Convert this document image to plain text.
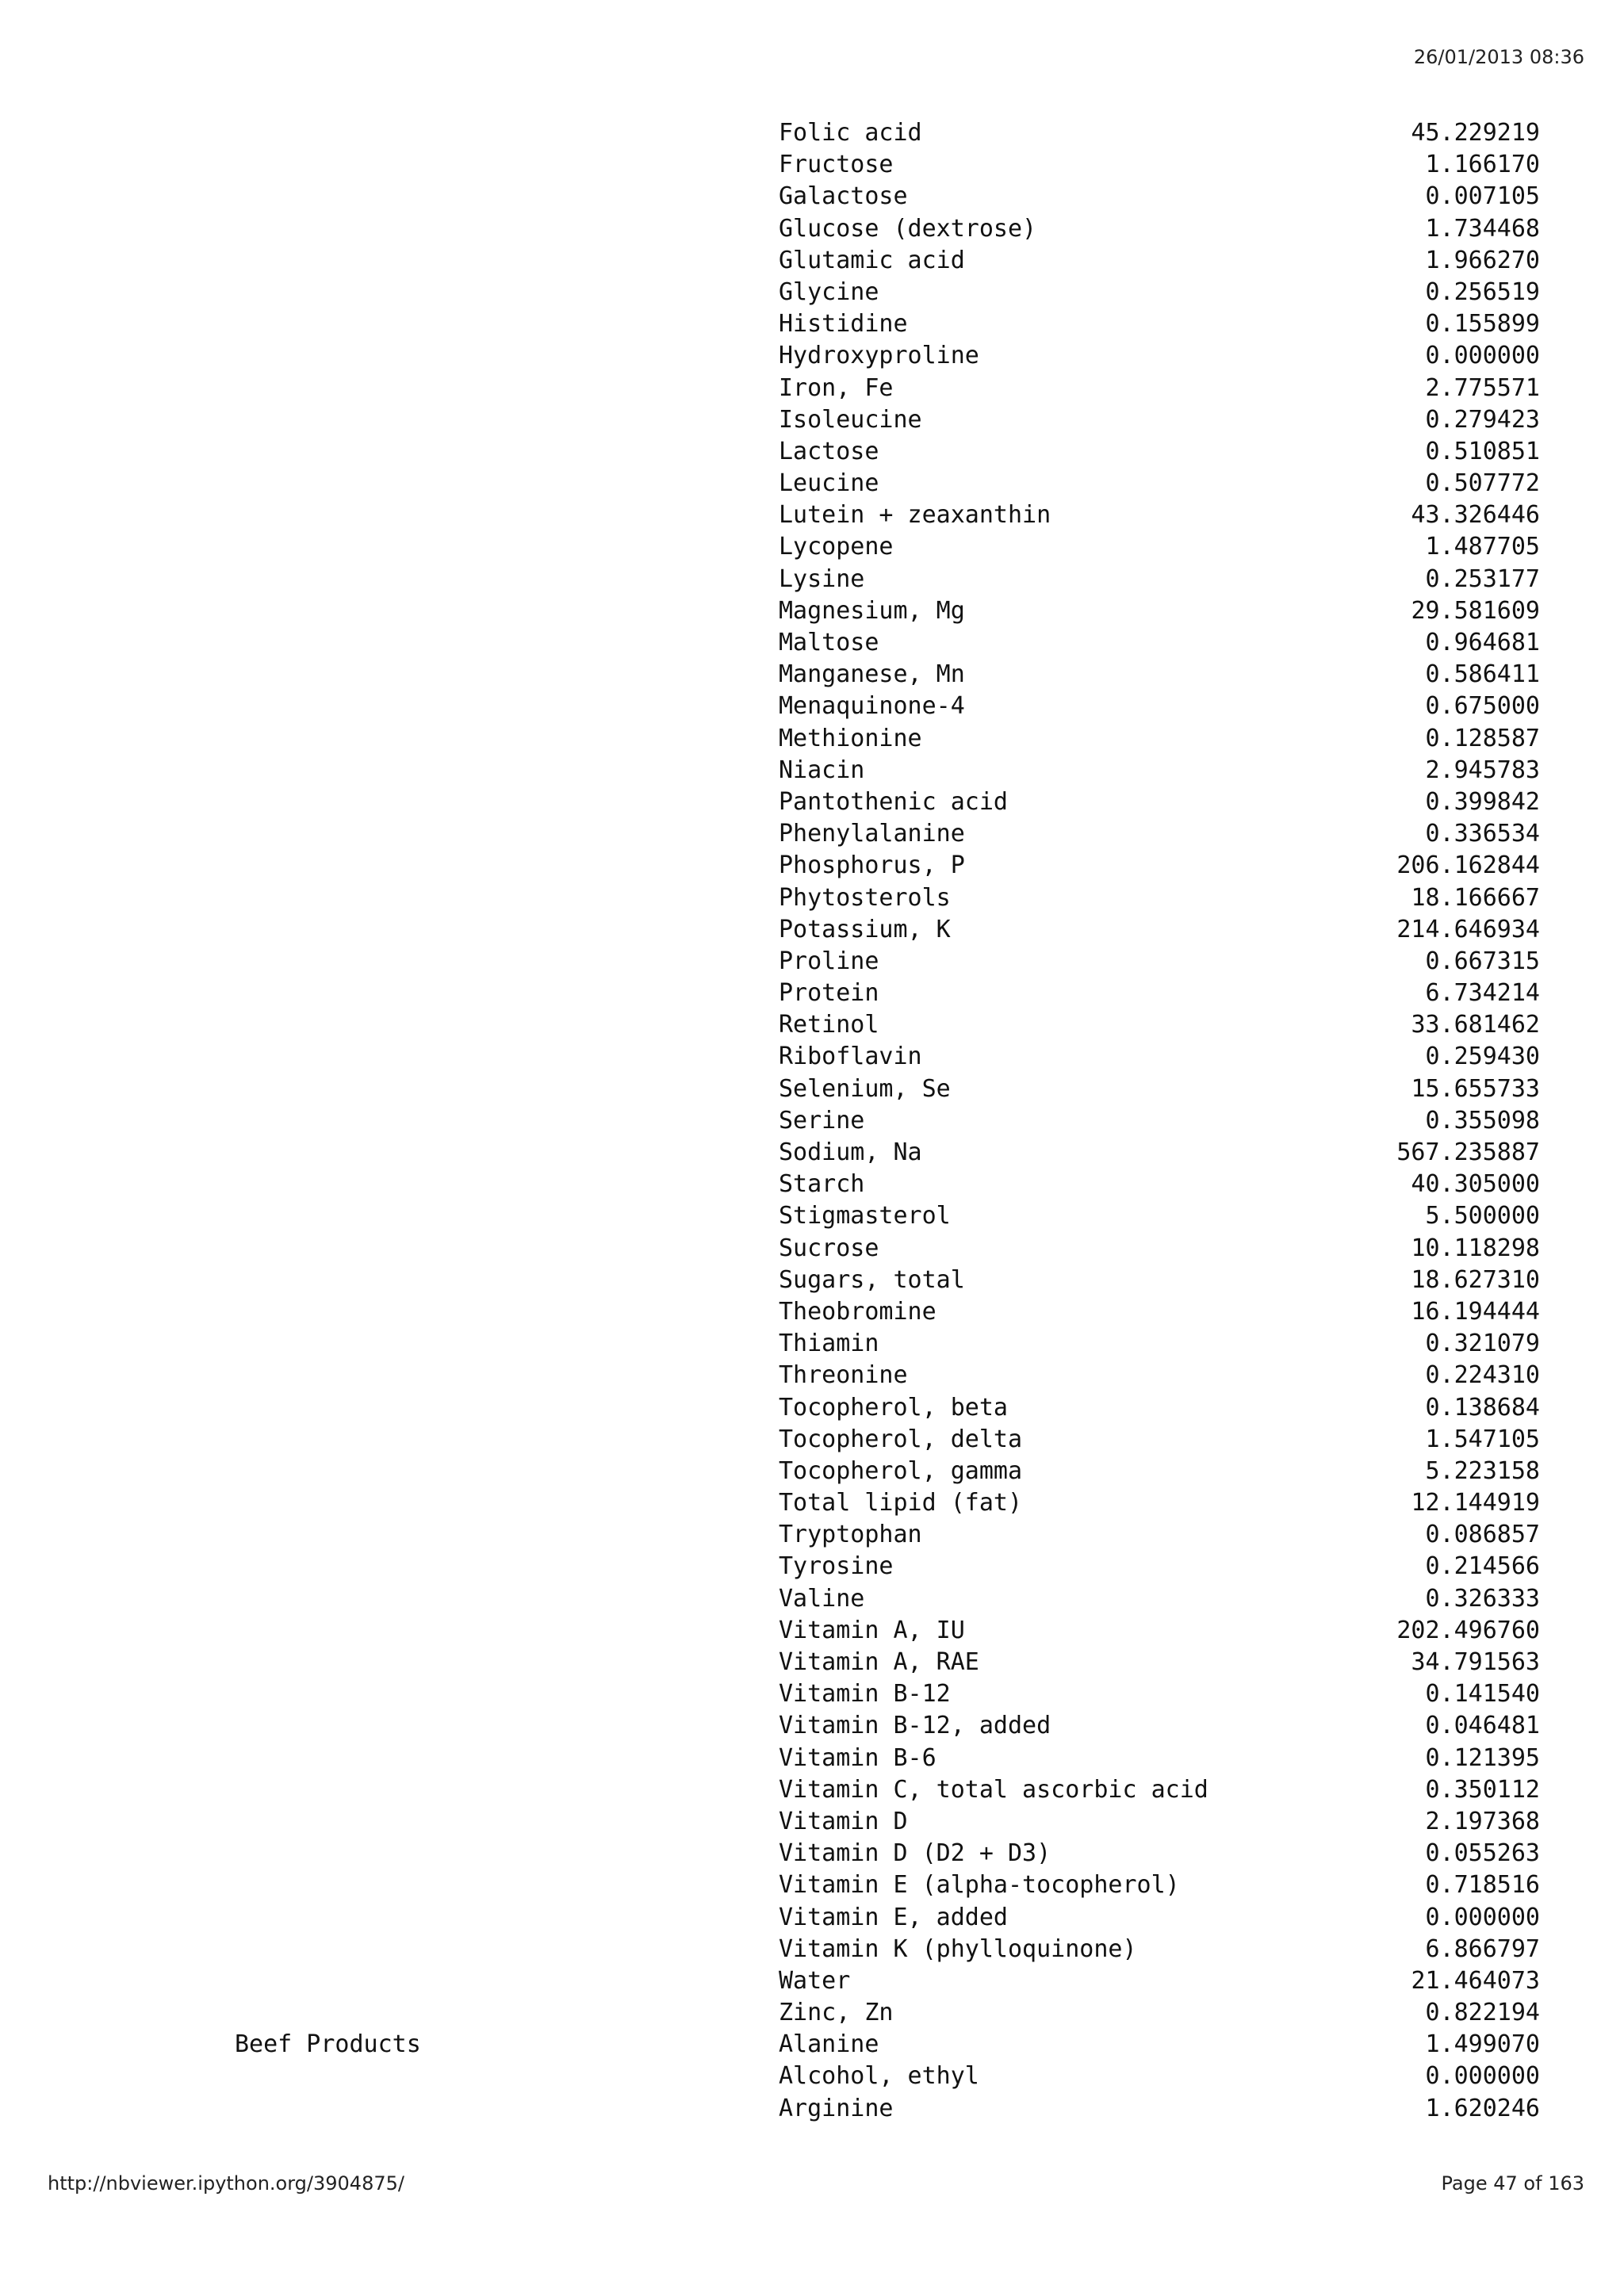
26/01/2013 08:36
Folic acid	45.229219
Fructose	1.166170
Galactose	0.007105
Glucose (dextrose)	1.734468
Glutamic acid	1.966270
Glycine	0.256519
Histidine	0.155899
Hydroxyproline	0.000000
Iron, Fe	2.775571
Isoleucine	0.279423
Lactose	0.510851
Leucine	0.507772
Lutein + zeaxanthin	43.326446
Lycopene	1.487705
Lysine	0.253177
Magnesium, Mg	29.581609
Maltose	0.964681
Manganese, Mn	0.586411
Menaquinone-4	0.675000
Methionine	0.128587
Niacin	2.945783
Pantothenic acid	0.399842
Phenylalanine	0.336534
Phosphorus, P	206.162844
Phytosterols	18.166667
Potassium, K	214.646934
Proline	0.667315
Protein	6.734214
Retinol	33.681462
Riboflavin	0.259430
Selenium, Se	15.655733
Serine	0.355098
Sodium, Na	567.235887
Starch	40.305000
Stigmasterol	5.500000
Sucrose	10.118298
Sugars, total	18.627310
Theobromine	16.194444
Thiamin	0.321079
Threonine	0.224310
Tocopherol, beta	0.138684
Tocopherol, delta	1.547105
Tocopherol, gamma	5.223158
Total lipid (fat)	12.144919
Tryptophan	0.086857
Tyrosine	0.214566
Valine	0.326333
Vitamin A, IU	202.496760
Vitamin A, RAE	34.791563
Vitamin B-12	0.141540
Vitamin B-12, added	0.046481
Vitamin B-6	0.121395
Vitamin C, total ascorbic acid	0.350112
Vitamin D	2.197368
Vitamin D (D2 + D3)	0.055263
Vitamin E (alpha-tocopherol)	0.718516
Vitamin E, added	0.000000
Vitamin K (phylloquinone)	6.866797
Water	21.464073
Zinc, Zn	0.822194
Beef Products	Alanine	1.499070
Alcohol, ethyl	0.000000
Arginine	1.620246
http://nbviewer.ipython.org/3904875/	Page 47 of 163
